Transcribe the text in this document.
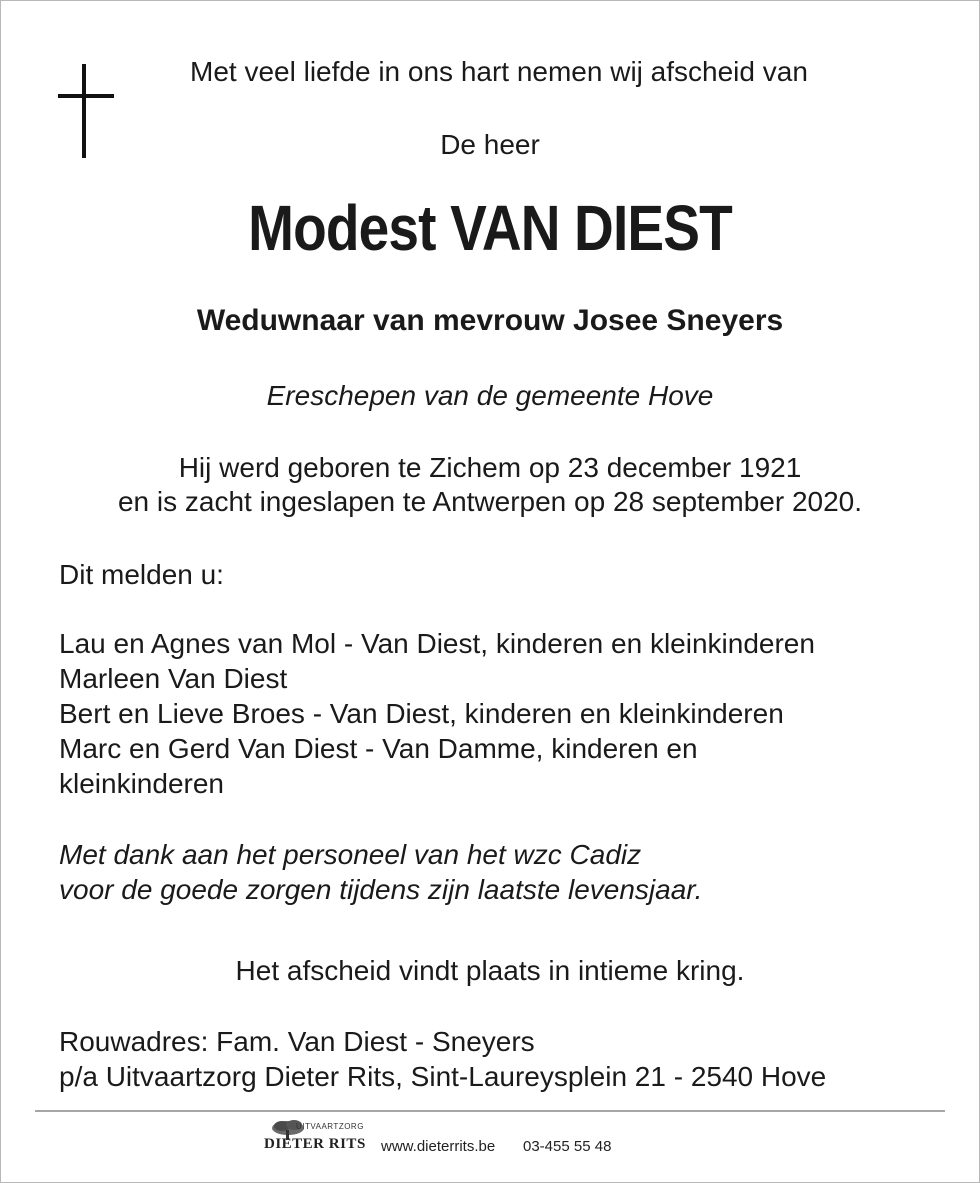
Met veel liefde in ons hart nemen wij afscheid van
De heer
Modest VAN DIEST
Weduwnaar van mevrouw Josee Sneyers
Ereschepen van de gemeente Hove
Hij werd geboren te Zichem op 23 december 1921
en is zacht ingeslapen te Antwerpen op 28 september 2020.
Dit melden u:
Lau en Agnes van Mol - Van Diest, kinderen en kleinkinderen
Marleen Van Diest
Bert en Lieve Broes - Van Diest, kinderen en kleinkinderen
Marc en Gerd Van Diest - Van Damme, kinderen en
kleinkinderen
Met dank aan het personeel van het wzc Cadiz
voor de goede zorgen tijdens zijn laatste levensjaar.
Het afscheid vindt plaats in intieme kring.
Rouwadres: Fam. Van Diest - Sneyers
p/a Uitvaartzorg Dieter Rits, Sint-Laureysplein 21 - 2540 Hove
UITVAARTZORG
DIETER RITS www.dieterrits.be 03-455 55 48
